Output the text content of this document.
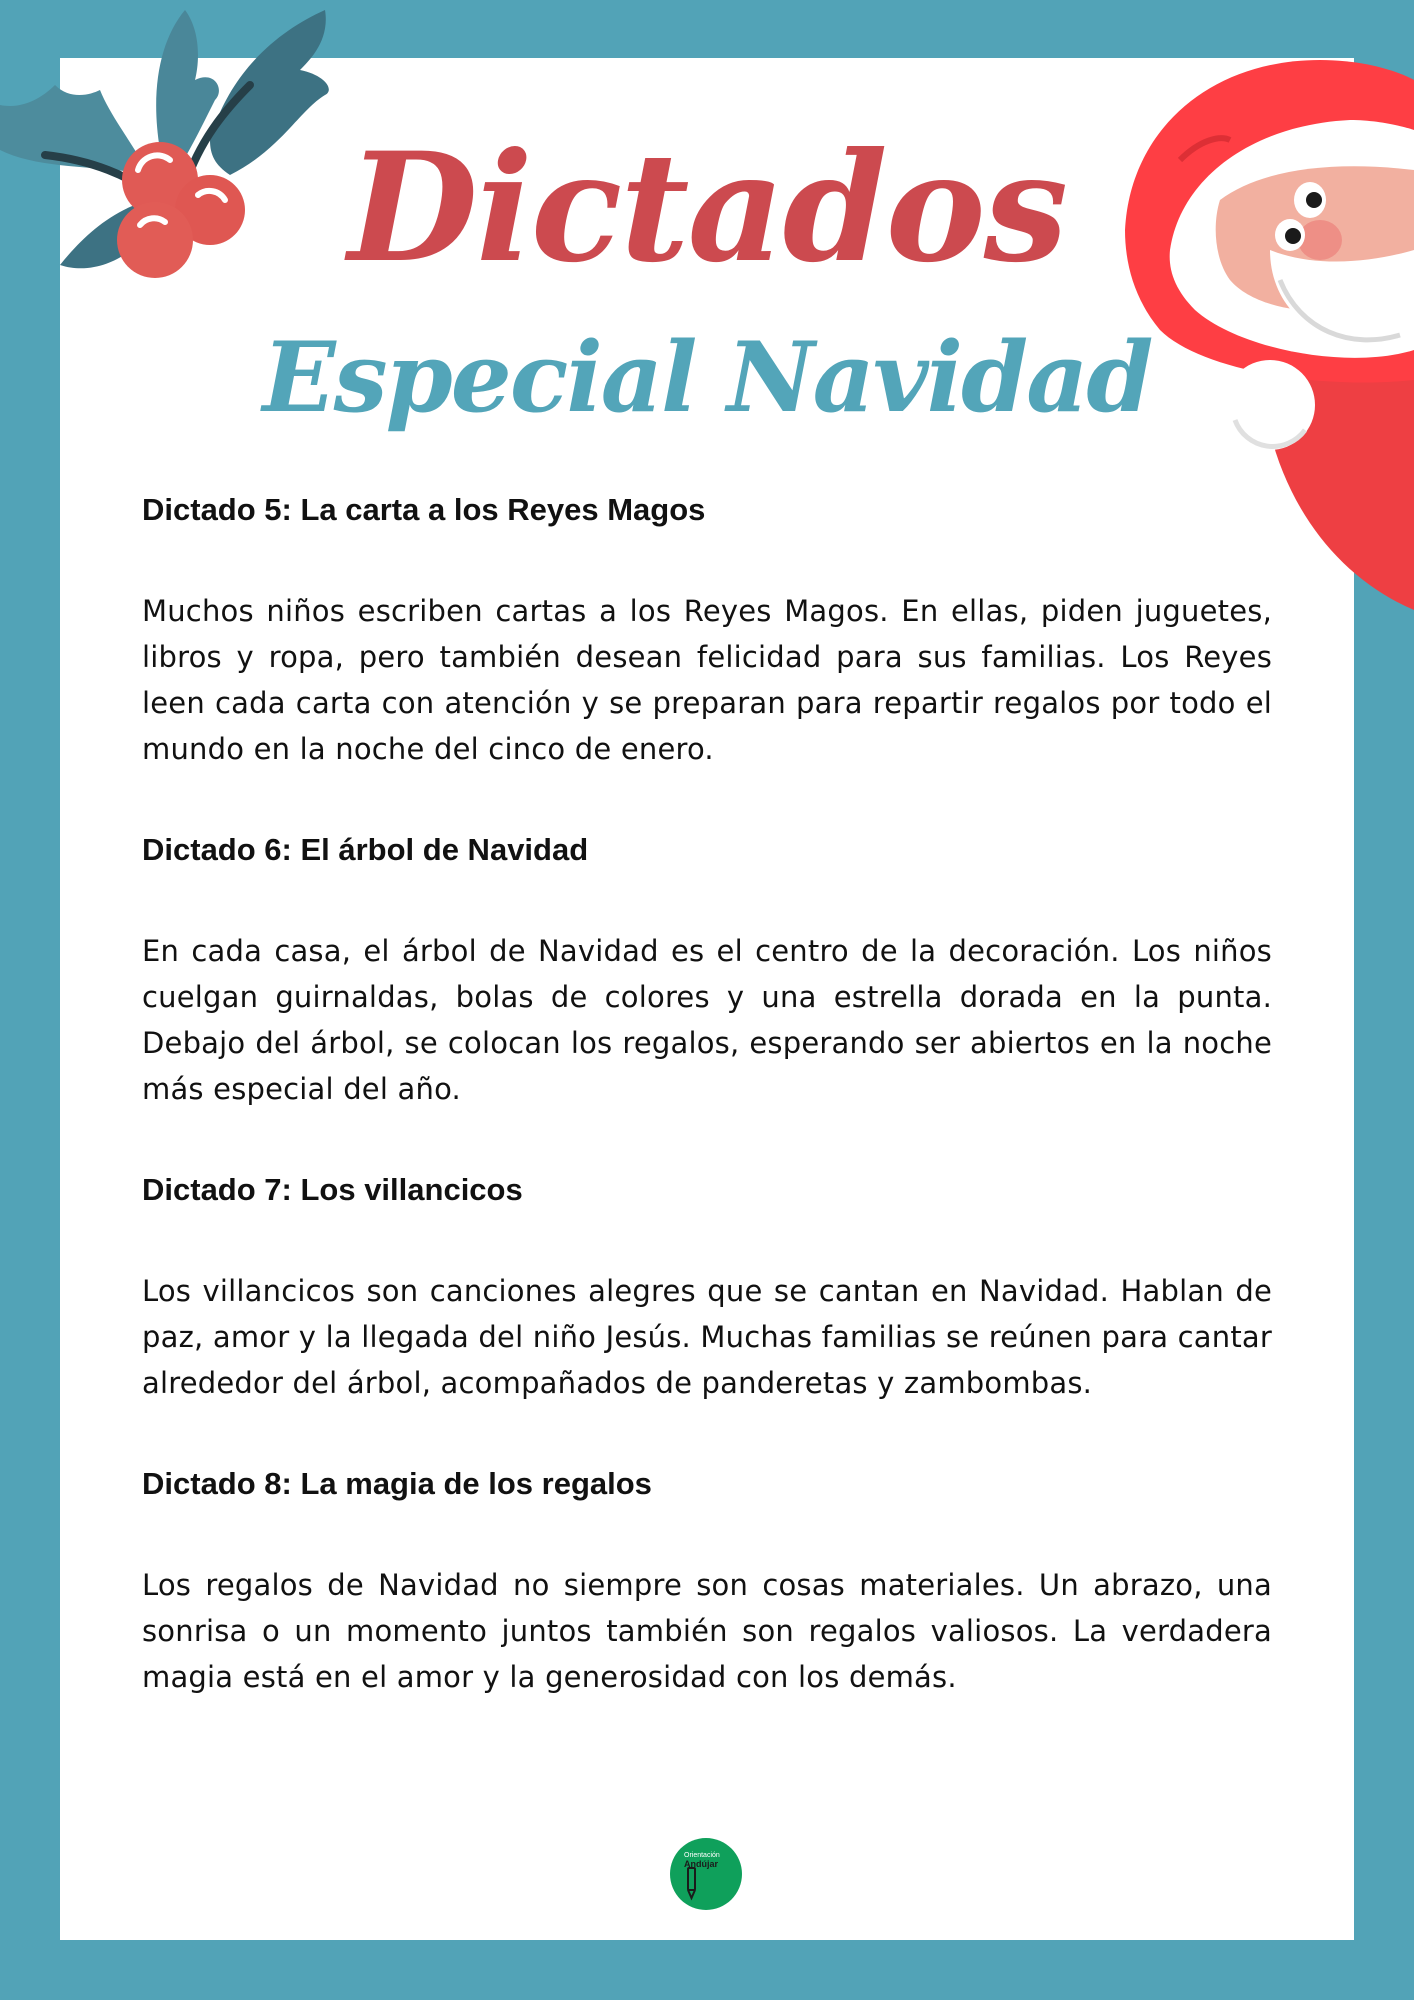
Dictados
Especial Navidad

Dictado 5: La carta a los Reyes Magos

Muchos niños escriben cartas a los Reyes Magos. En ellas, piden juguetes, libros y ropa, pero también desean felicidad para sus familias. Los Reyes leen cada carta con atención y se preparan para repartir regalos por todo el mundo en la noche del cinco de enero.

Dictado 6: El árbol de Navidad

En cada casa, el árbol de Navidad es el centro de la decoración. Los niños cuelgan guirnaldas, bolas de colores y una estrella dorada en la punta. Debajo del árbol, se colocan los regalos, esperando ser abiertos en la noche más especial del año.

Dictado 7: Los villancicos

Los villancicos son canciones alegres que se cantan en Navidad. Hablan de paz, amor y la llegada del niño Jesús. Muchas familias se reúnen para cantar alrededor del árbol, acompañados de panderetas y zambombas.

Dictado 8: La magia de los regalos

Los regalos de Navidad no siempre son cosas materiales. Un abrazo, una sonrisa o un momento juntos también son regalos valiosos. La verdadera magia está en el amor y la generosidad con los demás.

Orientación
Andújar
